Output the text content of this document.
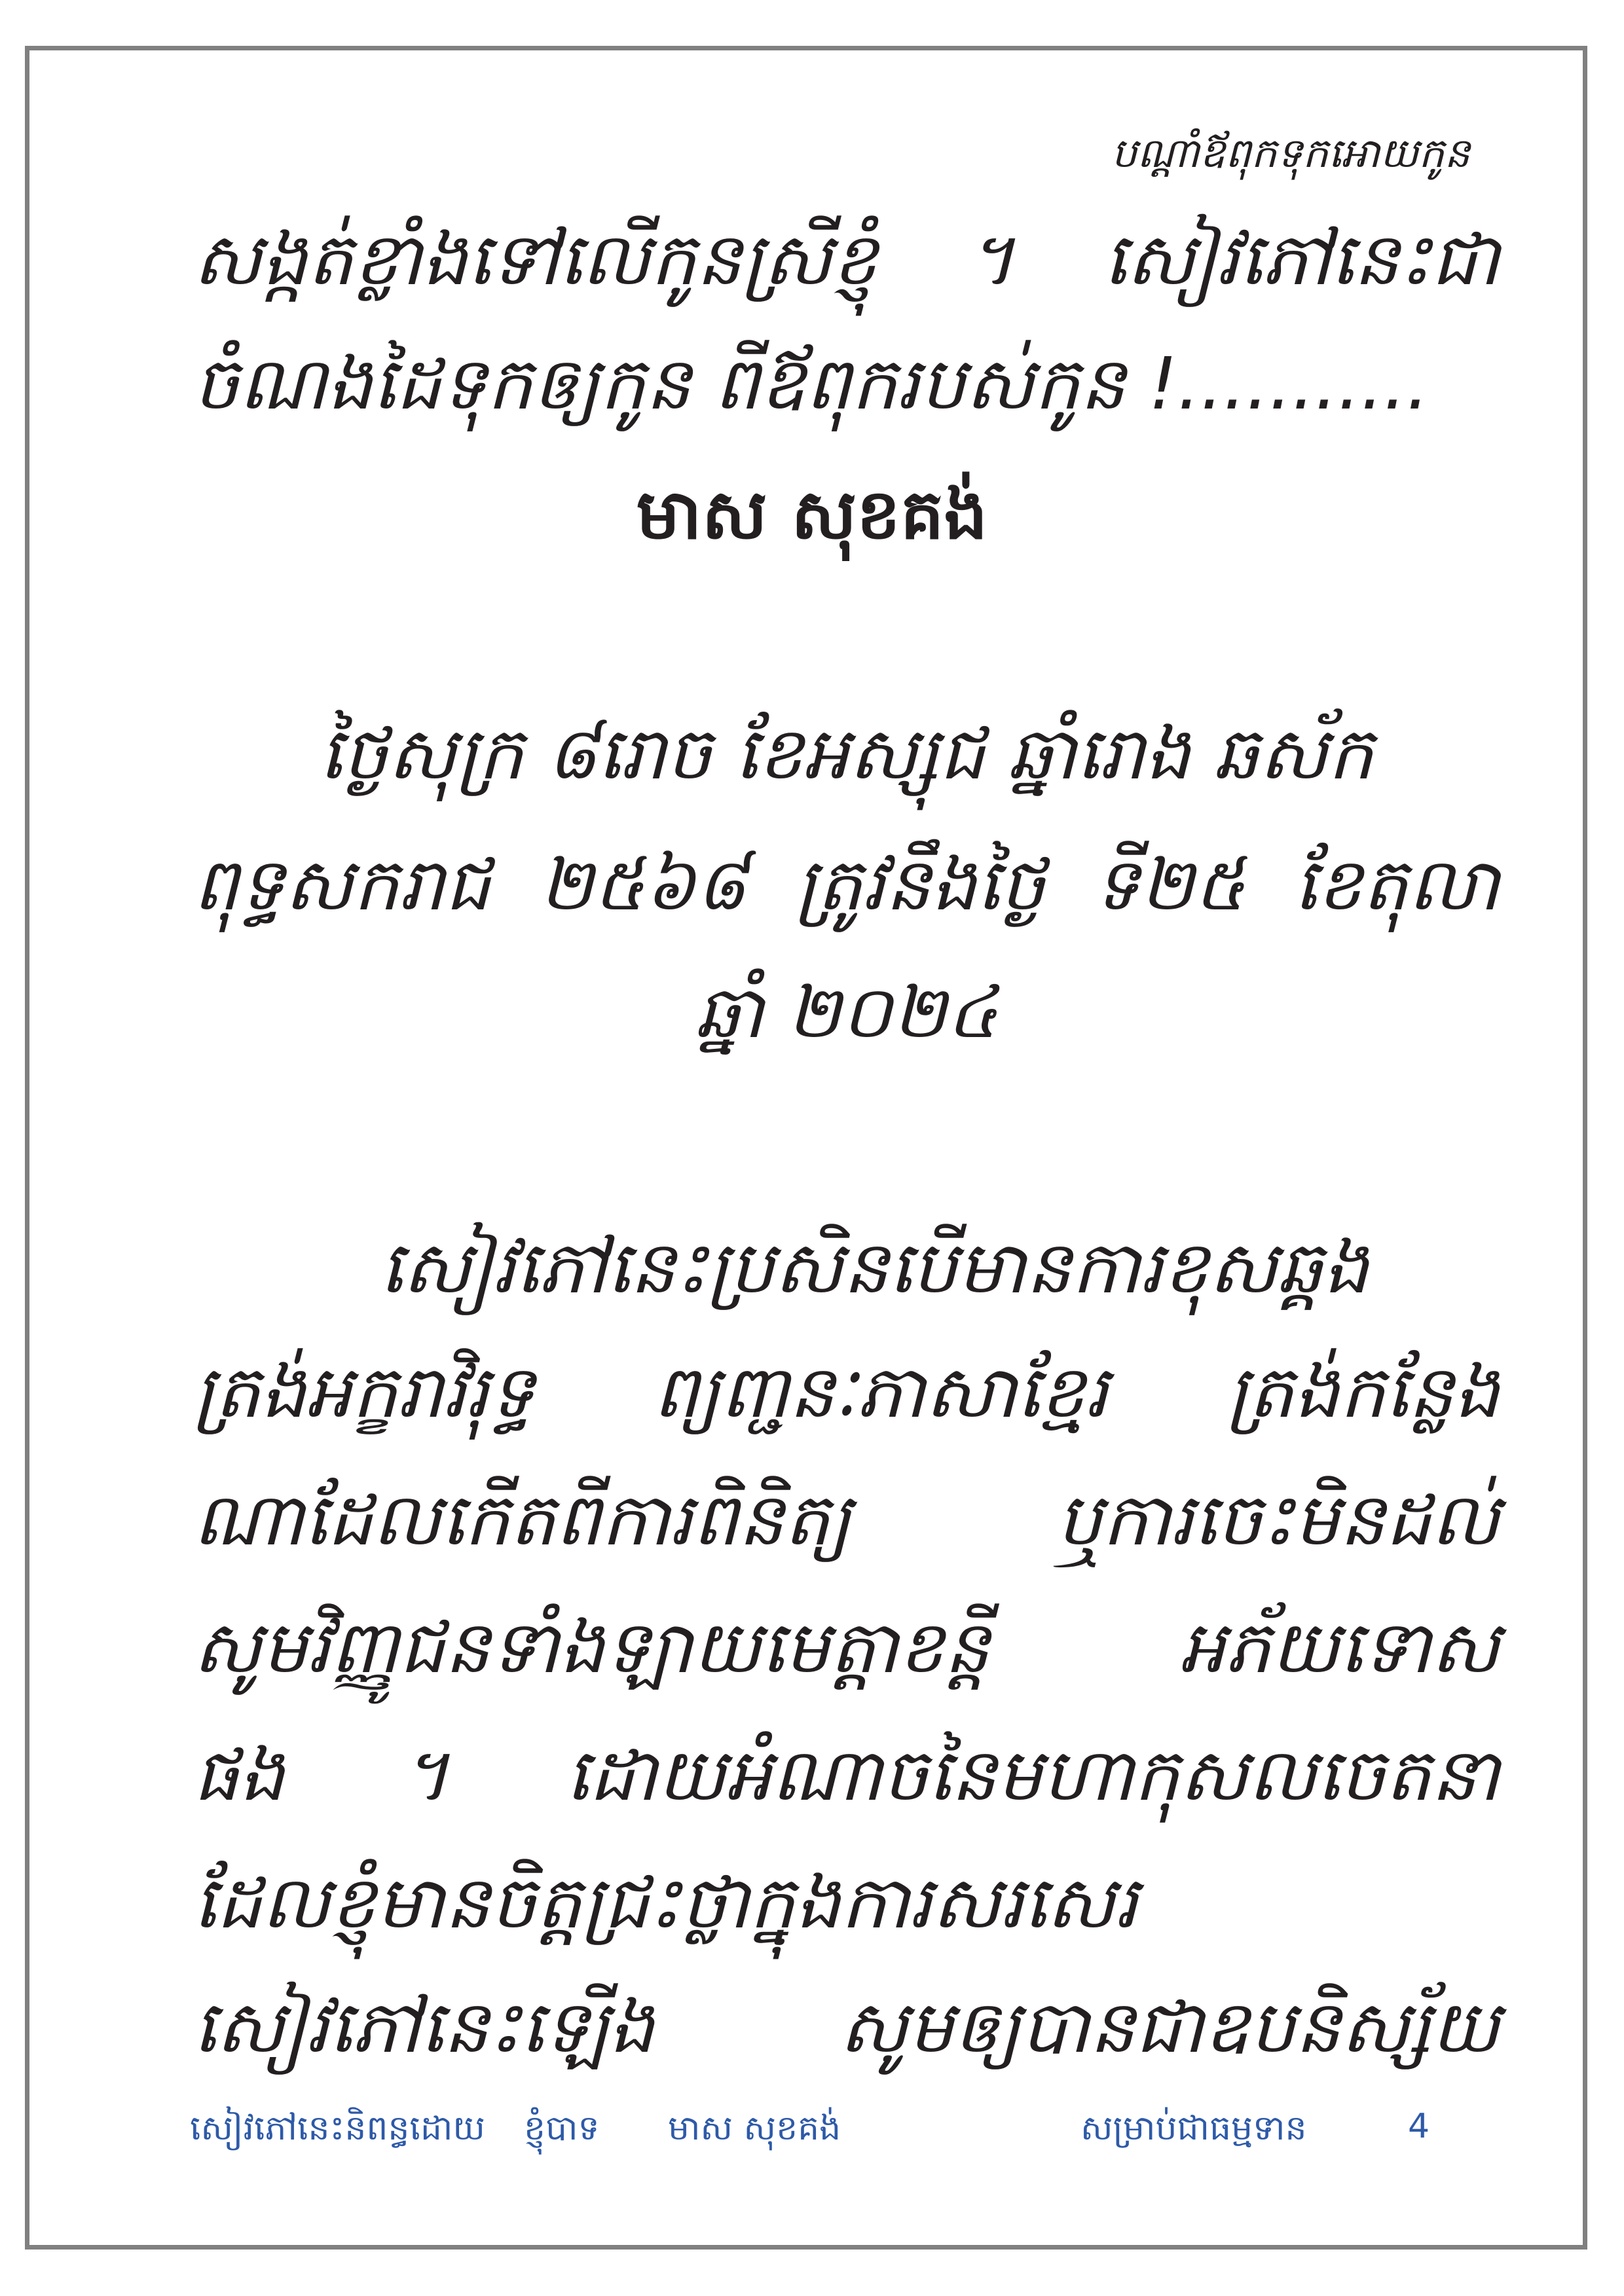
បណ្តាំឪពុកទុកអោយកូន
សង្កត់ខ្លាំងទៅលើកូនស្រីខ្ញុំ ។ សៀវភៅនេះជា
ចំណងដៃទុកឲ្យកូន ពីឪពុករបស់កូន !...........
មាស សុខគង់
ថ្ងៃសុក្រ ៨រោច ខែអស្សុជ ឆ្នាំរោង ឆស័ក
ពុទ្ធសករាជ ២៥៦៨ ត្រូវនឹងថ្ងៃ ទី២៥ ខែតុលា
ឆ្នាំ ២០២៤
សៀវភៅនេះប្រសិនបើមានការខុសឆ្គង
ត្រង់អក្ខរាវិរុទ្ធ ព្យញ្ជនៈភាសាខ្មែរ ត្រង់កន្លែង
ណាដែលកើតពីការពិនិត្យ ឬការចេះមិនដល់
សូមវិញ្ញូជនទាំងឡាយមេត្តាខន្តី អភ័យទោស
ផង ។ ដោយអំណាចនៃមហាកុសលចេតនា
ដែលខ្ញុំមានចិត្តជ្រះថ្លាក្នុងការសរសេរ
សៀវភៅនេះឡើង សូមឲ្យបានជាឧបនិស្ស័យ
សៀវភៅនេះនិពន្ធដោយ ខ្ញុំបាទ មាស សុខគង់	សម្រាប់ជាធម្មទាន	4
